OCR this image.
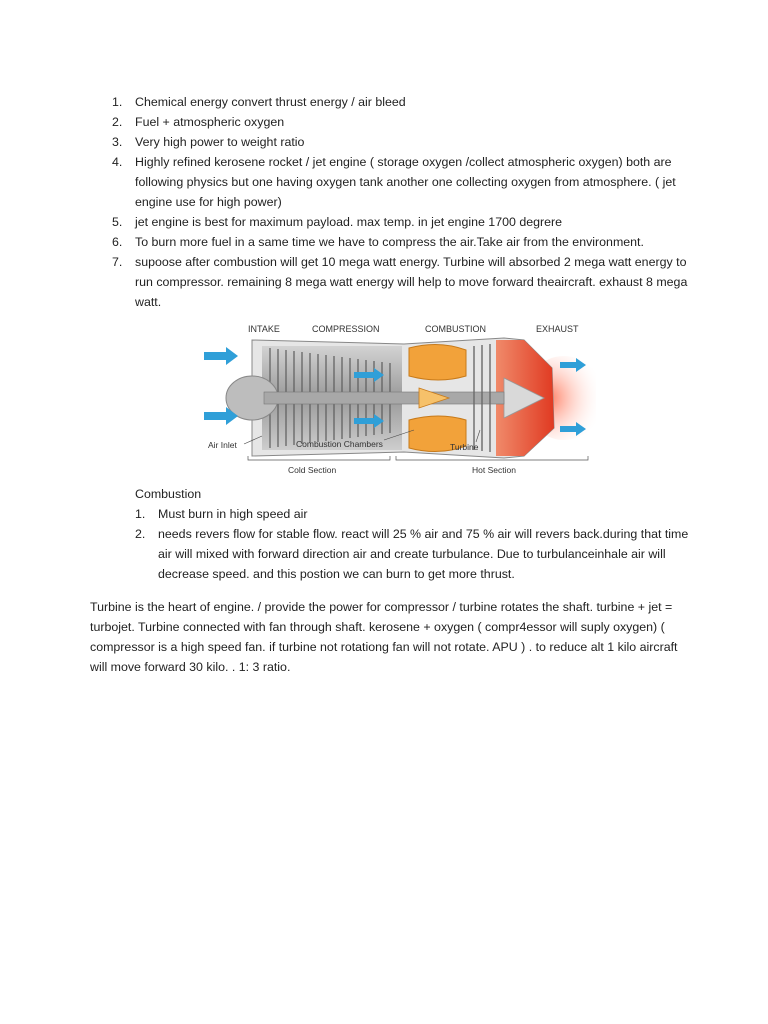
1. Chemical energy convert thrust energy / air bleed
2. Fuel + atmospheric oxygen
3. Very high power to weight ratio
4. Highly refined kerosene rocket / jet engine ( storage oxygen /collect atmospheric oxygen) both are following physics but one having oxygen tank another one collecting oxygen from atmosphere. ( jet engine use for high power)
5. jet engine is best for maximum payload. max temp. in jet engine 1700 degrere
6. To burn more fuel in a same time we have to compress the air.Take air from the environment.
7. supoose after combustion will get 10 mega watt energy. Turbine will absorbed 2 mega watt energy to run compressor. remaining 8 mega watt energy will help to move forward theaircraft. exhaust 8 mega watt.
INTAKE	COMPRESSION	COMBUSTION	EXHAUST
Air Inlet	Combustion Chambers	Turbine
Cold Section	Hot Section
Combustion
1. Must burn in high speed air
2. needs revers flow for stable flow. react will 25 % air and 75 % air will revers back.during that time air will mixed with forward direction air and create turbulance. Due to turbulanceinhale air will decrease speed. and this postion we can burn to get more thrust.

Turbine is the heart of engine. / provide the power for compressor / turbine rotates the shaft. turbine + jet = turbojet. Turbine connected with fan through shaft. kerosene + oxygen ( compr4essor will suply oxygen) ( compressor is a high speed fan. if turbine not rotationg fan will not rotate. APU ) . to reduce alt 1 kilo aircraft will move forward 30 kilo. . 1: 3 ratio.
